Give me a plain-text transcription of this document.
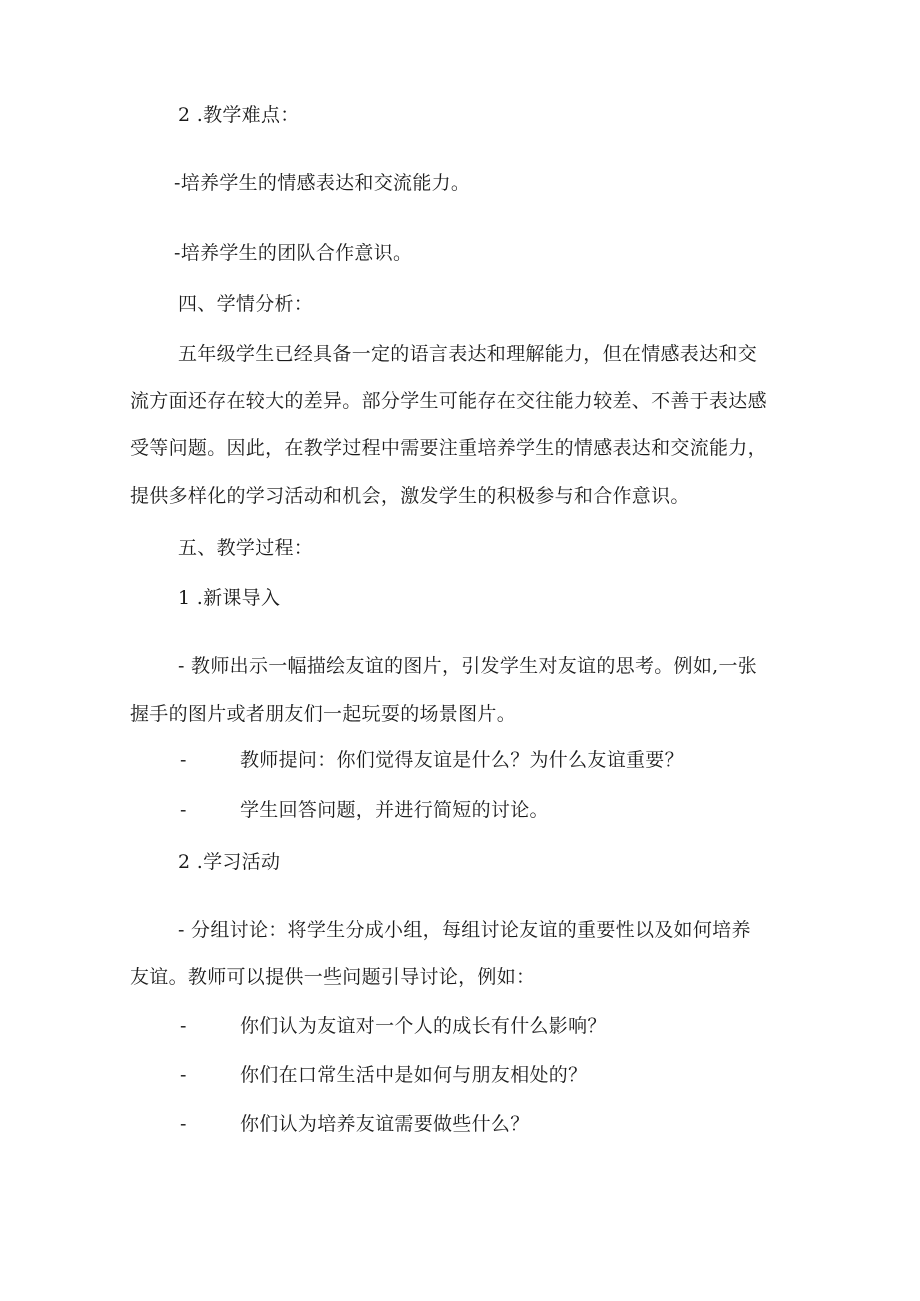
2 .教学难点：
-培养学生的情感表达和交流能力。
-培养学生的团队合作意识。
四、学情分析：
五年级学生已经具备一定的语言表达和理解能力，但在情感表达和交
流方面还存在较大的差异。部分学生可能存在交往能力较差、不善于表达感
受等问题。因此，在教学过程中需要注重培养学生的情感表达和交流能力，
提供多样化的学习活动和机会，激发学生的积极参与和合作意识。
五、教学过程：
1 .新课导入
- 教师出示一幅描绘友谊的图片，引发学生对友谊的思考。例如,一张
握手的图片或者朋友们一起玩耍的场景图片。
-	教师提问：你们觉得友谊是什么？为什么友谊重要？
-	学生回答问题，并进行简短的讨论。
2 .学习活动
- 分组讨论：将学生分成小组，每组讨论友谊的重要性以及如何培养
友谊。教师可以提供一些问题引导讨论，例如：
-	你们认为友谊对一个人的成长有什么影响？
-	你们在口常生活中是如何与朋友相处的？
-	你们认为培养友谊需要做些什么？
